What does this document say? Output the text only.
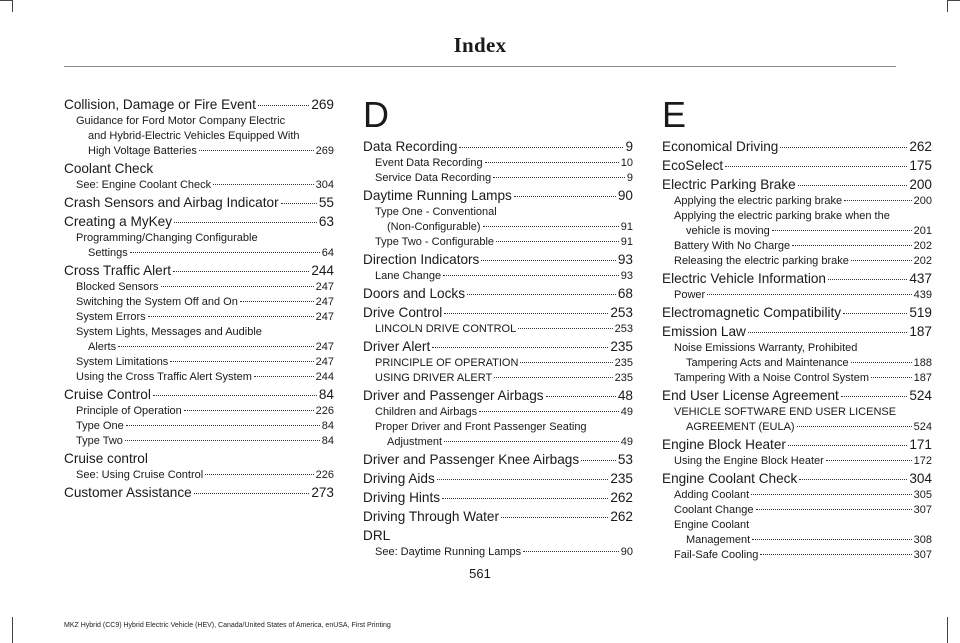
Index
Collision, Damage or Fire Event	269
Guidance for Ford Motor Company Electric
and Hybrid-Electric Vehicles Equipped With
High Voltage Batteries	269
Coolant Check
See: Engine Coolant Check	304
Crash Sensors and Airbag Indicator	55
Creating a MyKey	63
Programming/Changing Configurable
Settings	64
Cross Traffic Alert	244
Blocked Sensors	247
Switching the System Off and On	247
System Errors	247
System Lights, Messages and Audible
Alerts	247
System Limitations	247
Using the Cross Traffic Alert System	244
Cruise Control	84
Principle of Operation	226
Type One	84
Type Two	84
Cruise control
See: Using Cruise Control	226
Customer Assistance	273
D
Data Recording	9
Event Data Recording	10
Service Data Recording	9
Daytime Running Lamps	90
Type One - Conventional
(Non-Configurable)	91
Type Two - Configurable	91
Direction Indicators	93
Lane Change	93
Doors and Locks	68
Drive Control	253
LINCOLN DRIVE CONTROL	253
Driver Alert	235
PRINCIPLE OF OPERATION	235
USING DRIVER ALERT	235
Driver and Passenger Airbags	48
Children and Airbags	49
Proper Driver and Front Passenger Seating
Adjustment	49
Driver and Passenger Knee Airbags	53
Driving Aids	235
Driving Hints	262
Driving Through Water	262
DRL
See: Daytime Running Lamps	90
E
Economical Driving	262
EcoSelect	175
Electric Parking Brake	200
Applying the electric parking brake	200
Applying the electric parking brake when the
vehicle is moving	201
Battery With No Charge	202
Releasing the electric parking brake	202
Electric Vehicle Information	437
Power	439
Electromagnetic Compatibility	519
Emission Law	187
Noise Emissions Warranty, Prohibited
Tampering Acts and Maintenance	188
Tampering With a Noise Control System	187
End User License Agreement	524
VEHICLE SOFTWARE END USER LICENSE
AGREEMENT (EULA)	524
Engine Block Heater	171
Using the Engine Block Heater	172
Engine Coolant Check	304
Adding Coolant	305
Coolant Change	307
Engine Coolant
Management	308
Fail-Safe Cooling	307
561
MKZ Hybrid (CC9) Hybrid Electric Vehicle (HEV), Canada/United States of America, enUSA, First Printing
